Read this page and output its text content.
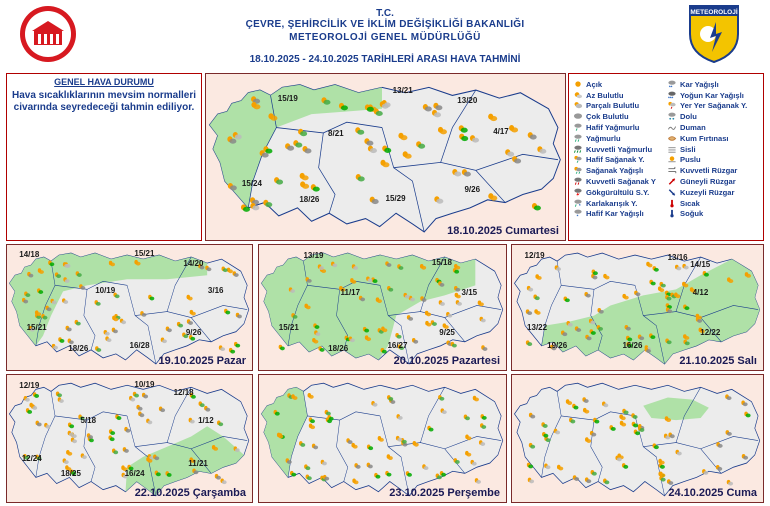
T.C.
ÇEVRE, ŞEHİRCİLİK VE İKLİM DEĞİŞİKLİĞİ BAKANLIĞI
METEOROLOJİ GENEL MÜDÜRLÜĞÜ
18.10.2025 - 24.10.2025 TARİHLERİ ARASI HAVA TAHMİNİ
METEOROLOJİ
GENEL HAVA DURUMU
Hava sıcaklıklarının mevsim normalleri civarında seyredeceği tahmin ediliyor.
15/19
13/21
13/20
8/21	4/17
15/24
9/26
18/26	15/29
18.10.2025 Cumartesi
Açık
Az Bulutlu
Parçalı Bulutlu
Çok Bulutlu
Hafif Yağmurlu
Yağmurlu
Kuvvetli Yağmurlu
Hafif Sağanak Y.
Sağanak Yağışlı
Kuvvetli Sağanak Y
Gökgürültülü S.Y.
* Karlakarışık Y.
* Hafif Kar Yağışlı
** Kar Yağışlı
*** Yoğun Kar Yağışlı
Yer Yer Sağanak Y.
Dolu
Duman
Kum Fırtınası
Sisli
Puslu
Kuvvetli Rüzgar
Güneyli Rüzgar
Kuzeyli Rüzgar
Sıcak
Soğuk
14/18	15/21
14/20
10/19	3/16
15/21
9/26
18/26	16/28
19.10.2025 Pazar
13/19
15/18
11/17	3/15
15/21
9/25
18/26	16/27
20.10.2025 Pazartesi
12/19	13/16
14/15
4/12
13/22
12/22
19/26	16/26
21.10.2025 Salı
12/19	10/19
12/18
5/18	1/12
12/24
18/25	16/24
11/21
22.10.2025 Çarşamba	23.10.2025 Perşembe	24.10.2025 Cuma
